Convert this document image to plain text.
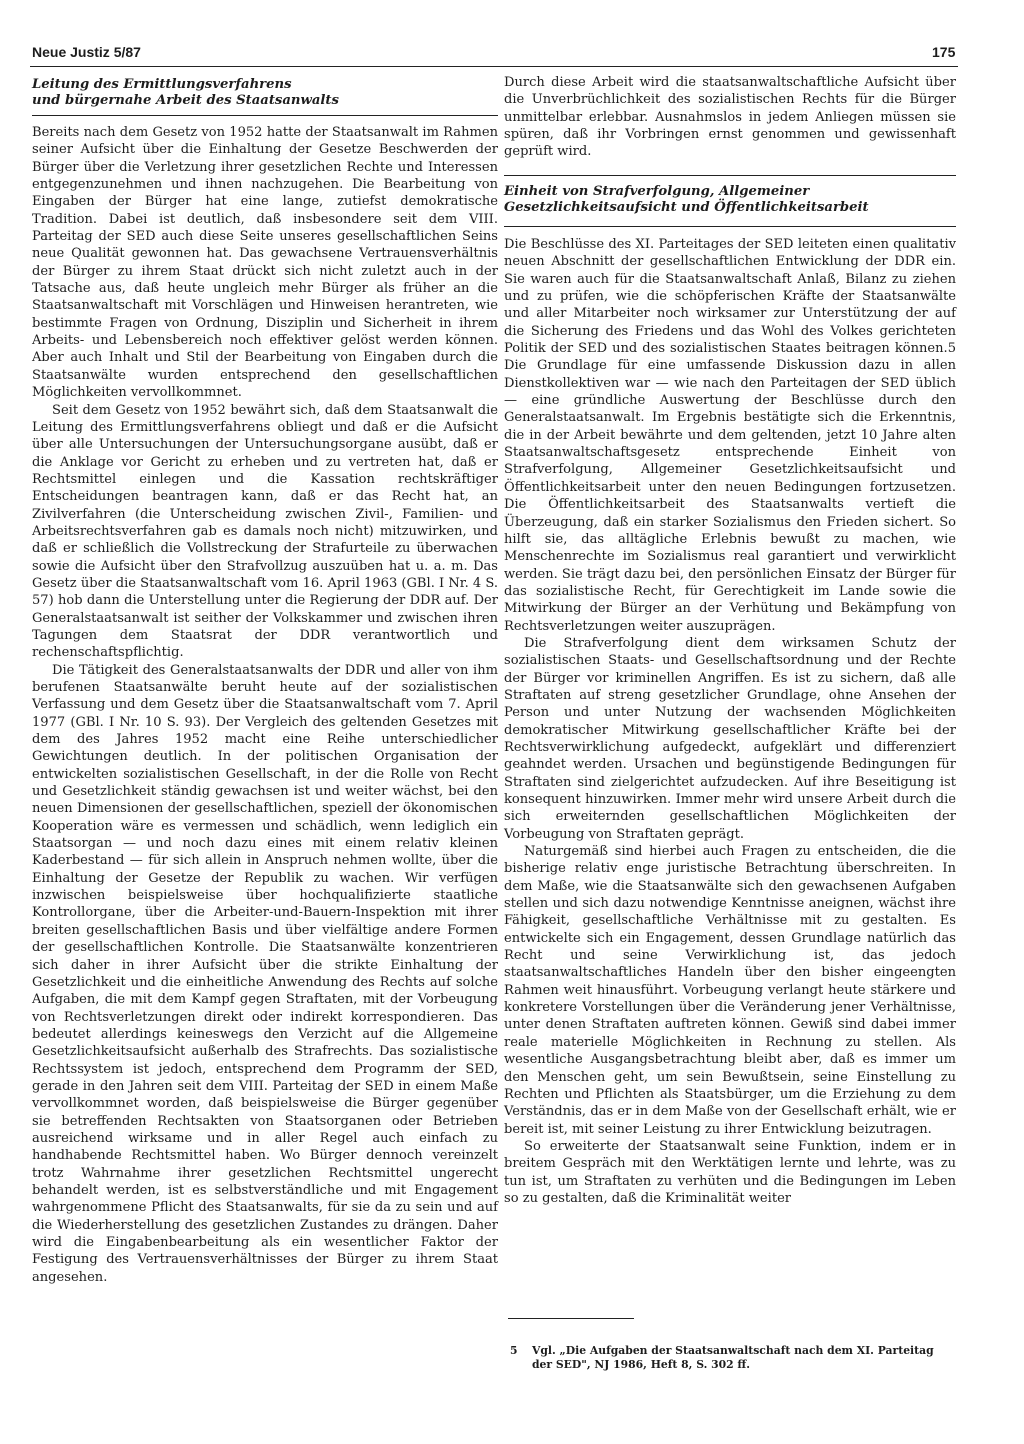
Neue Justiz 5/87	175
Leitung des Ermittlungsverfahrens
und bürgernahe Arbeit des Staatsanwalts

Bereits nach dem Gesetz von 1952 hatte der Staatsanwalt im Rahmen seiner Aufsicht über die Einhaltung der Gesetze Beschwerden der Bürger über die Verletzung ihrer gesetzlichen Rechte und Interessen entgegenzunehmen und ihnen nachzugehen. Die Bearbeitung von Eingaben der Bürger hat eine lange, zutiefst demokratische Tradition. Dabei ist deutlich, daß insbesondere seit dem VIII. Parteitag der SED auch diese Seite unseres gesellschaftlichen Seins neue Qualität gewonnen hat. Das gewachsene Vertrauensverhältnis der Bürger zu ihrem Staat drückt sich nicht zuletzt auch in der Tatsache aus, daß heute ungleich mehr Bürger als früher an die Staatsanwaltschaft mit Vorschlägen und Hinweisen herantreten, wie bestimmte Fragen von Ordnung, Disziplin und Sicherheit in ihrem Arbeits- und Lebensbereich noch effektiver gelöst werden können. Aber auch Inhalt und Stil der Bearbeitung von Eingaben durch die Staatsanwälte wurden entsprechend den gesellschaftlichen Möglichkeiten vervollkommnet.

Seit dem Gesetz von 1952 bewährt sich, daß dem Staatsanwalt die Leitung des Ermittlungsverfahrens obliegt und daß er die Aufsicht über alle Untersuchungen der Untersuchungsorgane ausübt, daß er die Anklage vor Gericht zu erheben und zu vertreten hat, daß er Rechtsmittel einlegen und die Kassation rechtskräftiger Entscheidungen beantragen kann, daß er das Recht hat, an Zivilverfahren (die Unterscheidung zwischen Zivil-, Familien- und Arbeitsrechtsverfahren gab es damals noch nicht) mitzuwirken, und daß er schließlich die Vollstreckung der Strafurteile zu überwachen sowie die Aufsicht über den Strafvollzug auszuüben hat u. a. m. Das Gesetz über die Staatsanwaltschaft vom 16. April 1963 (GBl. I Nr. 4 S. 57) hob dann die Unterstellung unter die Regierung der DDR auf. Der Generalstaatsanwalt ist seither der Volkskammer und zwischen ihren Tagungen dem Staatsrat der DDR verantwortlich und rechenschaftspflichtig.

Die Tätigkeit des Generalstaatsanwalts der DDR und aller von ihm berufenen Staatsanwälte beruht heute auf der sozialistischen Verfassung und dem Gesetz über die Staatsanwaltschaft vom 7. April 1977 (GBl. I Nr. 10 S. 93). Der Vergleich des geltenden Gesetzes mit dem des Jahres 1952 macht eine Reihe unterschiedlicher Gewichtungen deutlich. In der politischen Organisation der entwickelten sozialistischen Gesellschaft, in der die Rolle von Recht und Gesetzlichkeit ständig gewachsen ist und weiter wächst, bei den neuen Dimensionen der gesellschaftlichen, speziell der ökonomischen Kooperation wäre es vermessen und schädlich, wenn lediglich ein Staatsorgan — und noch dazu eines mit einem relativ kleinen Kaderbestand — für sich allein in Anspruch nehmen wollte, über die Einhaltung der Gesetze der Republik zu wachen. Wir verfügen inzwischen beispielsweise über hochqualifizierte staatliche Kontrollorgane, über die Arbeiter-und-Bauern-Inspektion mit ihrer breiten gesellschaftlichen Basis und über vielfältige andere Formen der gesellschaftlichen Kontrolle. Die Staatsanwälte konzentrieren sich daher in ihrer Aufsicht über die strikte Einhaltung der Gesetzlichkeit und die einheitliche Anwendung des Rechts auf solche Aufgaben, die mit dem Kampf gegen Straftaten, mit der Vorbeugung von Rechtsverletzungen direkt oder indirekt korrespondieren. Das bedeutet allerdings keineswegs den Verzicht auf die Allgemeine Gesetzlichkeitsaufsicht außerhalb des Strafrechts. Das sozialistische Rechtssystem ist jedoch, entsprechend dem Programm der SED, gerade in den Jahren seit dem VIII. Parteitag der SED in einem Maße vervollkommnet worden, daß beispielsweise die Bürger gegenüber sie betreffenden Rechtsakten von Staatsorganen oder Betrieben ausreichend wirksame und in aller Regel auch einfach zu handhabende Rechtsmittel haben. Wo Bürger dennoch vereinzelt trotz Wahrnahme ihrer gesetzlichen Rechtsmittel ungerecht behandelt werden, ist es selbstverständliche und mit Engagement wahrgenommene Pflicht des Staatsanwalts, für sie da zu sein und auf die Wiederherstellung des gesetzlichen Zustandes zu drängen. Daher wird die Eingabenbearbeitung als ein wesentlicher Faktor der Festigung des Vertrauensverhältnisses der Bürger zu ihrem Staat angesehen.

Durch diese Arbeit wird die staatsanwaltschaftliche Aufsicht über die Unverbrüchlichkeit des sozialistischen Rechts für die Bürger unmittelbar erlebbar. Ausnahmslos in jedem Anliegen müssen sie spüren, daß ihr Vorbringen ernst genommen und gewissenhaft geprüft wird.

Einheit von Strafverfolgung, Allgemeiner
Gesetzlichkeitsaufsicht und Öffentlichkeitsarbeit

Die Beschlüsse des XI. Parteitages der SED leiteten einen qualitativ neuen Abschnitt der gesellschaftlichen Entwicklung der DDR ein. Sie waren auch für die Staatsanwaltschaft Anlaß, Bilanz zu ziehen und zu prüfen, wie die schöpferischen Kräfte der Staatsanwälte und aller Mitarbeiter noch wirksamer zur Unterstützung der auf die Sicherung des Friedens und das Wohl des Volkes gerichteten Politik der SED und des sozialistischen Staates beitragen können.5 Die Grundlage für eine umfassende Diskussion dazu in allen Dienstkollektiven war — wie nach den Parteitagen der SED üblich — eine gründliche Auswertung der Beschlüsse durch den Generalstaatsanwalt. Im Ergebnis bestätigte sich die Erkenntnis, die in der Arbeit bewährte und dem geltenden, jetzt 10 Jahre alten Staatsanwaltschaftsgesetz entsprechende Einheit von Strafverfolgung, Allgemeiner Gesetzlichkeitsaufsicht und Öffentlichkeitsarbeit unter den neuen Bedingungen fortzusetzen. Die Öffentlichkeitsarbeit des Staatsanwalts vertieft die Überzeugung, daß ein starker Sozialismus den Frieden sichert. So hilft sie, das alltägliche Erlebnis bewußt zu machen, wie Menschenrechte im Sozialismus real garantiert und verwirklicht werden. Sie trägt dazu bei, den persönlichen Einsatz der Bürger für das sozialistische Recht, für Gerechtigkeit im Lande sowie die Mitwirkung der Bürger an der Verhütung und Bekämpfung von Rechtsverletzungen weiter auszuprägen.

Die Strafverfolgung dient dem wirksamen Schutz der sozialistischen Staats- und Gesellschaftsordnung und der Rechte der Bürger vor kriminellen Angriffen. Es ist zu sichern, daß alle Straftaten auf streng gesetzlicher Grundlage, ohne Ansehen der Person und unter Nutzung der wachsenden Möglichkeiten demokratischer Mitwirkung gesellschaftlicher Kräfte bei der Rechtsverwirklichung aufgedeckt, aufgeklärt und differenziert geahndet werden. Ursachen und begünstigende Bedingungen für Straftaten sind zielgerichtet aufzudecken. Auf ihre Beseitigung ist konsequent hinzuwirken. Immer mehr wird unsere Arbeit durch die sich erweiternden gesellschaftlichen Möglichkeiten der Vorbeugung von Straftaten geprägt.

Naturgemäß sind hierbei auch Fragen zu entscheiden, die die bisherige relativ enge juristische Betrachtung überschreiten. In dem Maße, wie die Staatsanwälte sich den gewachsenen Aufgaben stellen und sich dazu notwendige Kenntnisse aneignen, wächst ihre Fähigkeit, gesellschaftliche Verhältnisse mit zu gestalten. Es entwickelte sich ein Engagement, dessen Grundlage natürlich das Recht und seine Verwirklichung ist, das jedoch staatsanwaltschaftliches Handeln über den bisher eingeengten Rahmen weit hinausführt. Vorbeugung verlangt heute stärkere und konkretere Vorstellungen über die Veränderung jener Verhältnisse, unter denen Straftaten auftreten können. Gewiß sind dabei immer reale materielle Möglichkeiten in Rechnung zu stellen. Als wesentliche Ausgangsbetrachtung bleibt aber, daß es immer um den Menschen geht, um sein Bewußtsein, seine Einstellung zu Rechten und Pflichten als Staatsbürger, um die Erziehung zu dem Verständnis, das er in dem Maße von der Gesellschaft erhält, wie er bereit ist, mit seiner Leistung zu ihrer Entwicklung beizutragen.

So erweiterte der Staatsanwalt seine Funktion, indem er in breitem Gespräch mit den Werktätigen lernte und lehrte, was zu tun ist, um Straftaten zu verhüten und die Bedingungen im Leben so zu gestalten, daß die Kriminalität weiter

5 Vgl. „Die Aufgaben der Staatsanwaltschaft nach dem XI. Parteitag der SED", NJ 1986, Heft 8, S. 302 ff.
